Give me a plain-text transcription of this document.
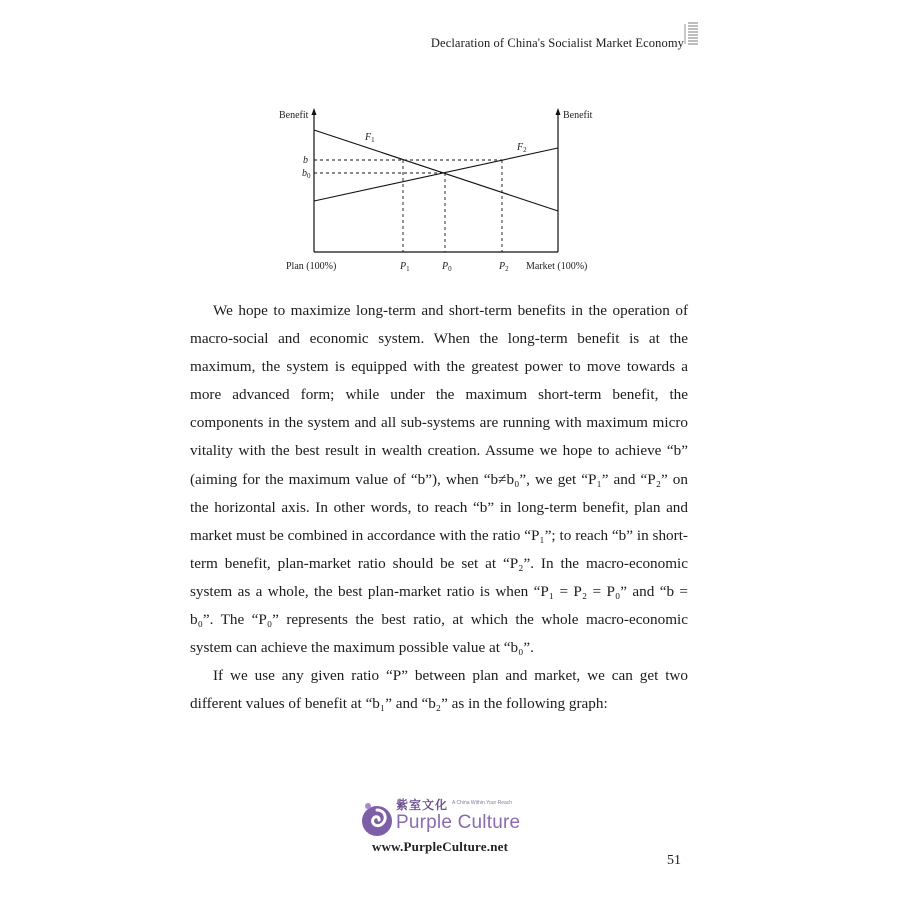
Declaration of China's Socialist Market Economy
Benefit	Benefit
$F_1$
$F_2$
b
$b_0$
Plan (100%)	$P_1$	$P_0$	$P_2$ Market (100%)

We hope to maximize long-term and short-term benefits in the operation of macro-social and economic system. When the long-term benefit is at the maximum, the system is equipped with the greatest power to move towards a more advanced form; while under the maximum short-term benefit, the components in the system and all sub-systems are running with maximum micro vitality with the best result in wealth creation. Assume we hope to achieve “b” (aiming for the maximum value of “b”), when “b≠b₀”, we get “P₁” and “P₂” on the horizontal axis. In other words, to reach “b” in long-term benefit, plan and market must be combined in accordance with the ratio “P₁”; to reach “b” in short-term benefit, plan-market ratio should be set at “P₂”. In the macro-economic system as a whole, the best plan-market ratio is when “P₁ = P₂ = P₀” and “b = b₀”. The “P₀” represents the best ratio, at which the whole macro-economic system can achieve the maximum possible value at “b₀”.

If we use any given ratio “P” between plan and market, we can get two different values of benefit at “b₁” and “b₂” as in the following graph:

紫室文化 A China Within Your Reach
Purple Culture
www.PurpleCulture.net
51
